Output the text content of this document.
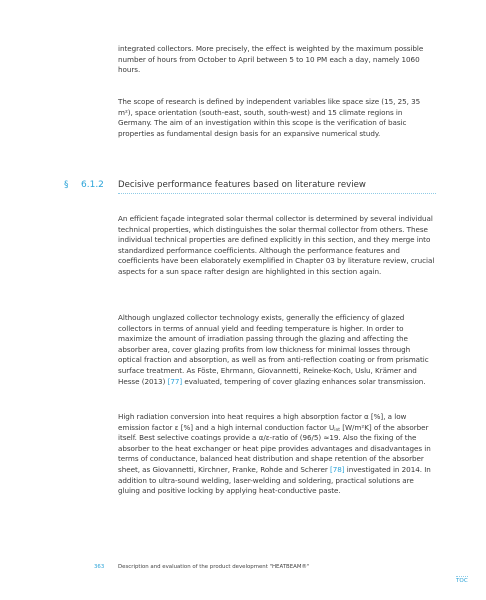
integrated collectors. More precisely, the effect is weighted by the maximum possible number of hours from October to April between 5 to 10 PM each a day, namely 1060 hours.

The scope of research is defined by independent variables like space size (15, 25, 35 m²), space orientation (south-east, south, south-west) and 15 climate regions in Germany. The aim of an investigation within this scope is the verification of basic properties as fundamental design basis for an expansive numerical study.

§ 6.1.2 Decisive performance features based on literature review

An efficient façade integrated solar thermal collector is determined by several individual technical properties, which distinguishes the solar thermal collector from others. These individual technical properties are defined explicitly in this section, and they merge into standardized performance coefficients. Although the performance features and coefficients have been elaborately exemplified in Chapter 03 by literature review, crucial aspects for a sun space rafter design are highlighted in this section again.

Although unglazed collector technology exists, generally the efficiency of glazed collectors in terms of annual yield and feeding temperature is higher. In order to maximize the amount of irradiation passing through the glazing and affecting the absorber area, cover glazing profits from low thickness for minimal losses through optical fraction and absorption, as well as from anti-reflection coating or from prismatic surface treatment. As Föste, Ehrmann, Giovannetti, Reineke-Koch, Uslu, Krämer and Hesse (2013) [77] evaluated, tempering of cover glazing enhances solar transmission.

High radiation conversion into heat requires a high absorption factor α [%], a low emission factor ε [%] and a high internal conduction factor $U_{int}$ [W/m²K] of the absorber itself. Best selective coatings provide a α/ε-ratio of (96/5) ≈19. Also the fixing of the absorber to the heat exchanger or heat pipe provides advantages and disadvantages in terms of conductance, balanced heat distribution and shape retention of the absorber sheet, as Giovannetti, Kirchner, Franke, Rohde and Scherer [78] investigated in 2014. In addition to ultra-sound welding, laser-welding and soldering, practical solutions are gluing and positive locking by applying heat-conductive paste.

363	Description and evaluation of the product development "HEATBEAM®"
TOC
